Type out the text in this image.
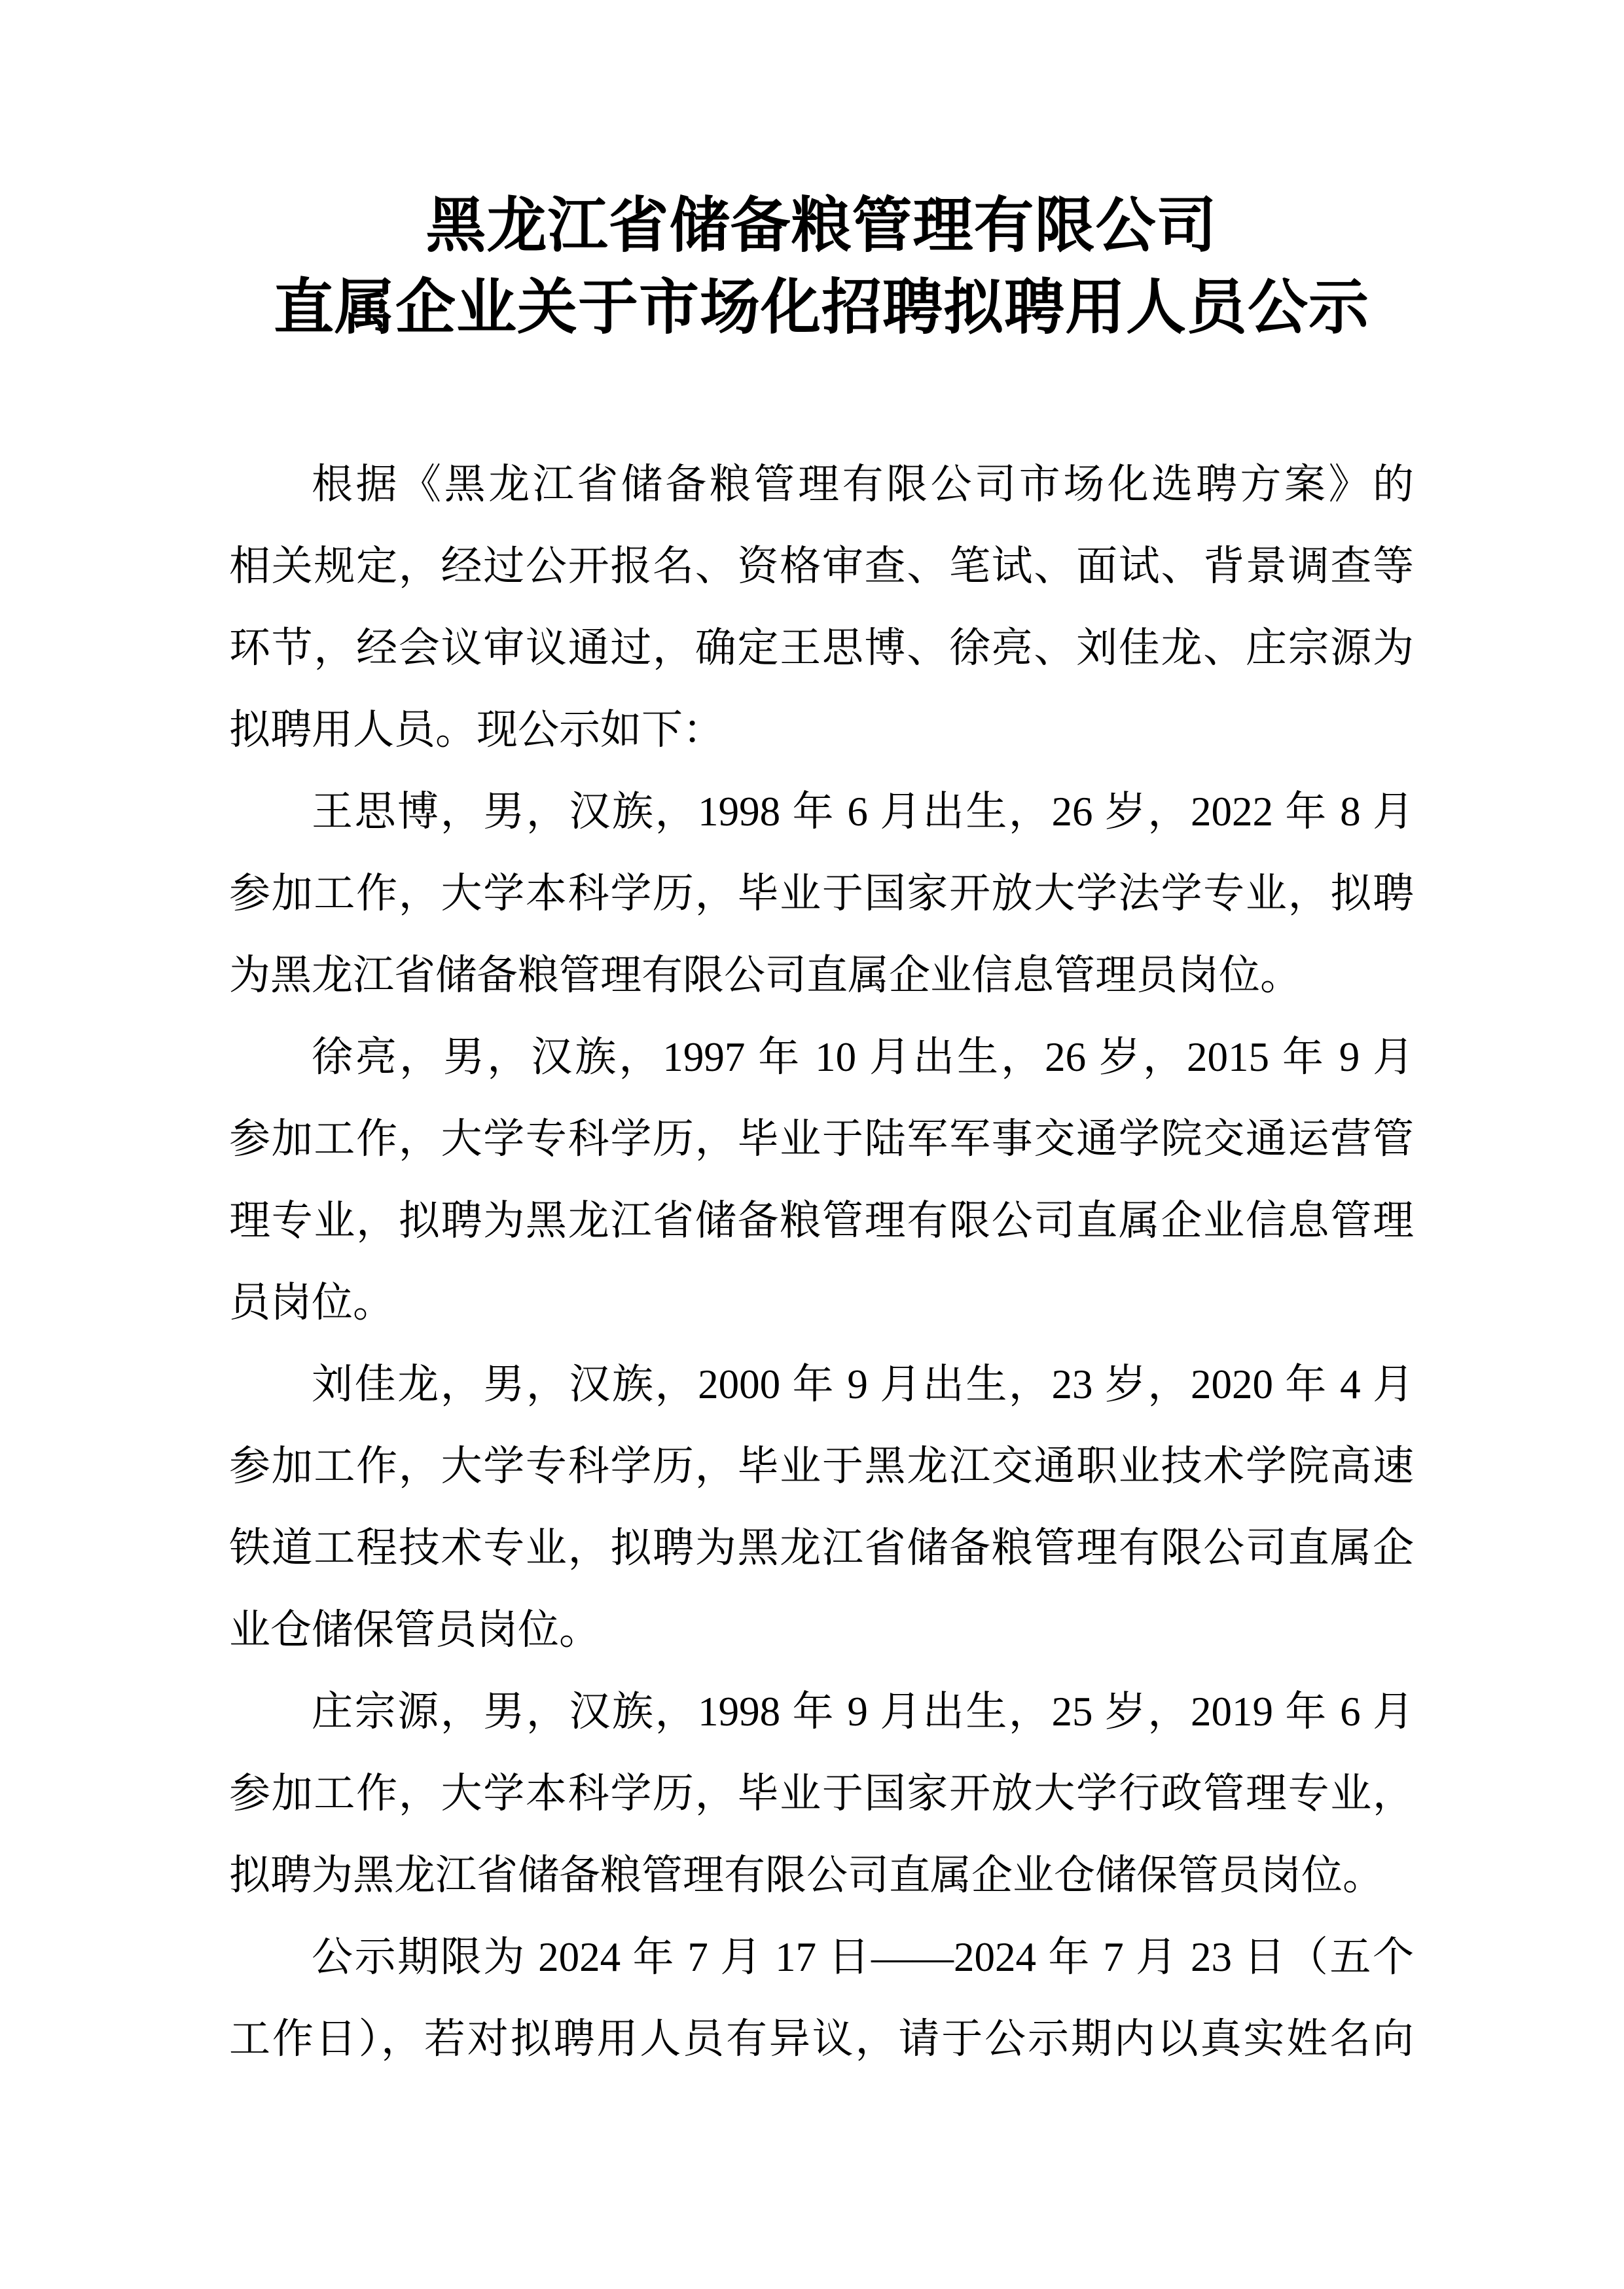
黑龙江省储备粮管理有限公司
直属企业关于市场化招聘拟聘用人员公示
根据《黑龙江省储备粮管理有限公司市场化选聘方案》的
相关规定，经过公开报名、资格审查、笔试、面试、背景调查等
环节，经会议审议通过，确定王思博、徐亮、刘佳龙、庄宗源为
拟聘用人员。现公示如下：
王思博，男，汉族，1998 年 6 月出生，26 岁，2022 年 8 月
参加工作，大学本科学历，毕业于国家开放大学法学专业，拟聘
为黑龙江省储备粮管理有限公司直属企业信息管理员岗位。
徐亮，男，汉族，1997 年 10 月出生，26 岁，2015 年 9 月
参加工作，大学专科学历，毕业于陆军军事交通学院交通运营管
理专业，拟聘为黑龙江省储备粮管理有限公司直属企业信息管理
员岗位。
刘佳龙，男，汉族，2000 年 9 月出生，23 岁，2020 年 4 月
参加工作，大学专科学历，毕业于黑龙江交通职业技术学院高速
铁道工程技术专业，拟聘为黑龙江省储备粮管理有限公司直属企
业仓储保管员岗位。
庄宗源，男，汉族，1998 年 9 月出生，25 岁，2019 年 6 月
参加工作，大学本科学历，毕业于国家开放大学行政管理专业，
拟聘为黑龙江省储备粮管理有限公司直属企业仓储保管员岗位。
公示期限为 2024 年 7 月 17 日——2024 年 7 月 23 日（五个
工作日），若对拟聘用人员有异议，请于公示期内以真实姓名向
